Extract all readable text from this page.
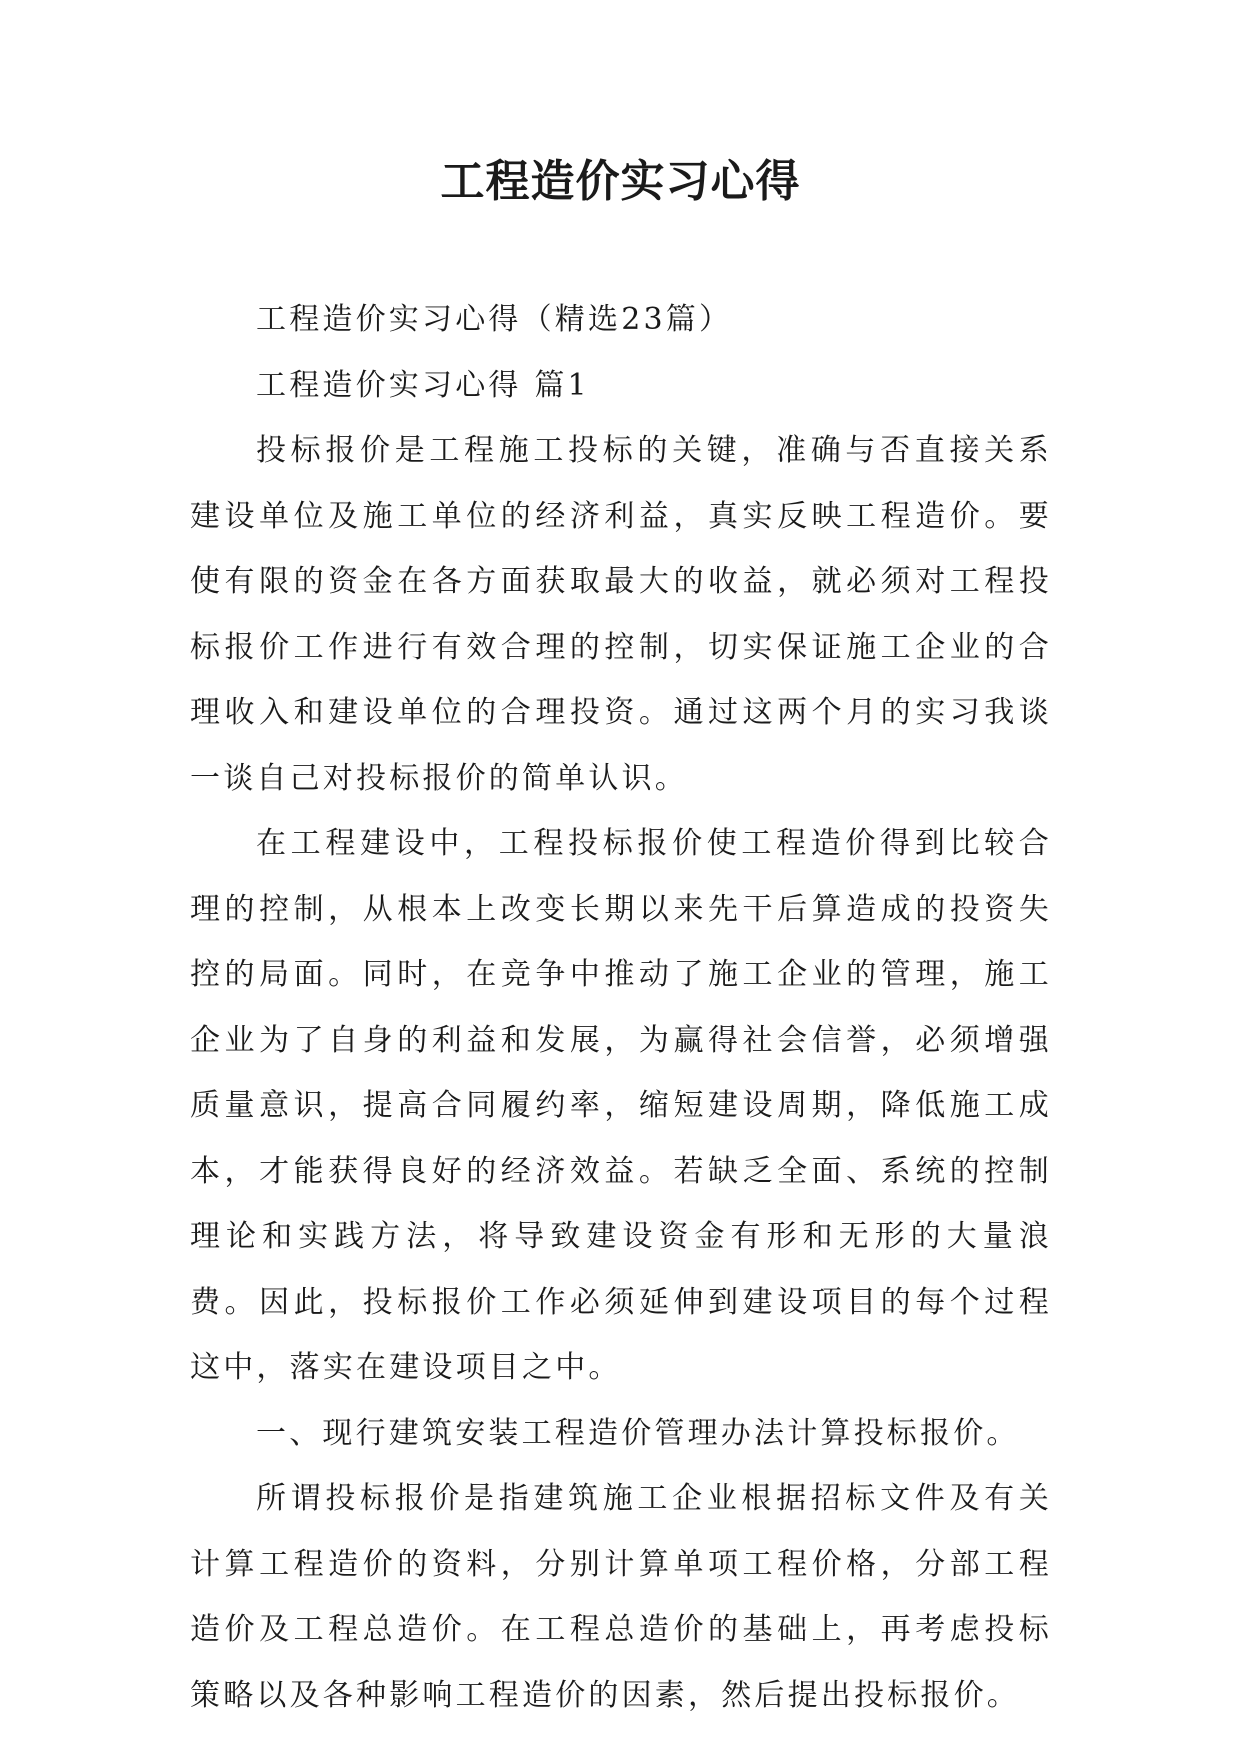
工程造价实习心得

工程造价实习心得（精选23篇）

工程造价实习心得 篇1

投标报价是工程施工投标的关键，准确与否直接关系建设单位及施工单位的经济利益，真实反映工程造价。要使有限的资金在各方面获取最大的收益，就必须对工程投标报价工作进行有效合理的控制，切实保证施工企业的合理收入和建设单位的合理投资。通过这两个月的实习我谈一谈自己对投标报价的简单认识。

在工程建设中，工程投标报价使工程造价得到比较合理的控制，从根本上改变长期以来先干后算造成的投资失控的局面。同时，在竞争中推动了施工企业的管理，施工企业为了自身的利益和发展，为赢得社会信誉，必须增强质量意识，提高合同履约率，缩短建设周期，降低施工成本，才能获得良好的经济效益。若缺乏全面、系统的控制理论和实践方法，将导致建设资金有形和无形的大量浪费。因此，投标报价工作必须延伸到建设项目的每个过程这中，落实在建设项目之中。

一、现行建筑安装工程造价管理办法计算投标报价。

所谓投标报价是指建筑施工企业根据招标文件及有关计算工程造价的资料，分别计算单项工程价格，分部工程造价及工程总造价。在工程总造价的基础上，再考虑投标策略以及各种影响工程造价的因素，然后提出投标报价。
